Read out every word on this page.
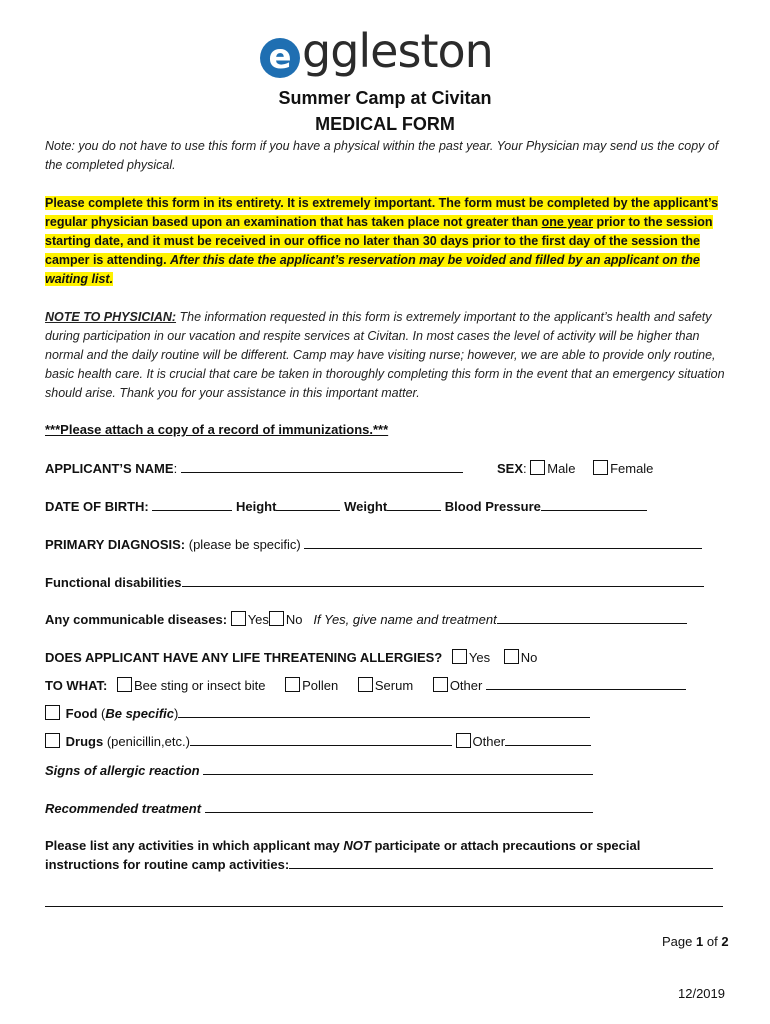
e ggleston
Summer Camp at Civitan
MEDICAL FORM
Note: you do not have to use this form if you have a physical within the past year. Your Physician may send us the copy of the completed physical.
Please complete this form in its entirety. It is extremely important. The form must be completed by the applicant’s regular physician based upon an examination that has taken place not greater than one year prior to the session starting date, and it must be received in our office no later than 30 days prior to the first day of the session the camper is attending. After this date the applicant’s reservation may be voided and filled by an applicant on the waiting list.
NOTE TO PHYSICIAN: The information requested in this form is extremely important to the applicant’s health and safety during participation in our vacation and respite services at Civitan. In most cases the level of activity will be higher than normal and the daily routine will be different. Camp may have visiting nurse; however, we are able to provide only routine, basic health care. It is crucial that care be taken in thoroughly completing this form in the event that an emergency situation should arise. Thank you for your assistance in this important matter.
***Please attach a copy of a record of immunizations.***
APPLICANT’S NAME:	SEX: Male	Female
DATE OF BIRTH:	Height	Weight	Blood Pressure
PRIMARY DIAGNOSIS: (please be specific)
Functional disabilities
Any communicable diseases: Yes No If Yes, give name and treatment
DOES APPLICANT HAVE ANY LIFE THREATENING ALLERGIES? Yes No
TO WHAT: Bee sting or insect bite	Pollen	Serum	Other
Food (Be specific)
Drugs (penicillin,etc.)	Other
Signs of allergic reaction
Recommended treatment
Please list any activities in which applicant may NOT participate or attach precautions or special
instructions for routine camp activities:
Page 1 of 2
12/2019
